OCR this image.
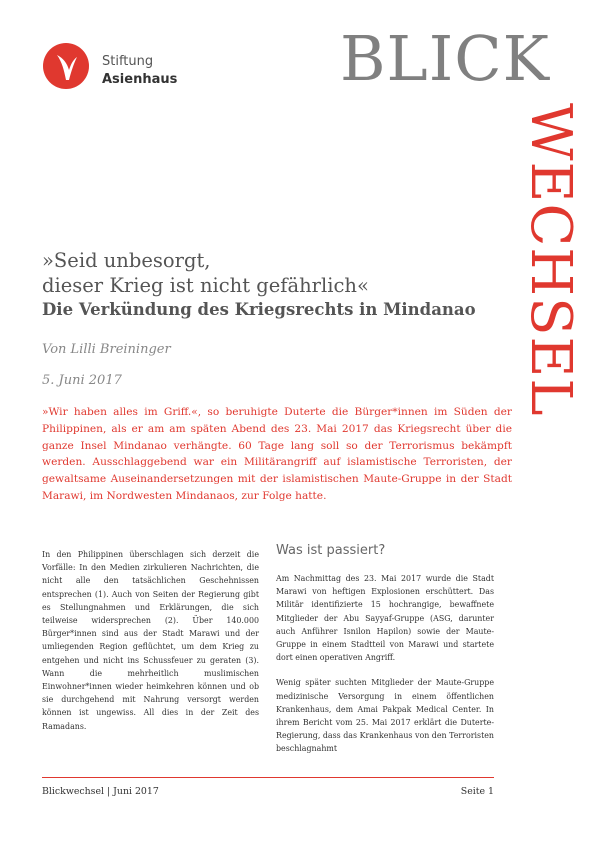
Stiftung
Asienhaus	BLICK
WECHSEL
»Seid unbesorgt,
dieser Krieg ist nicht gefährlich«
Die Verkündung des Kriegsrechts in Mindanao
Von Lilli Breininger
5. Juni 2017

»Wir haben alles im Griff.«, so beruhigte Duterte die Bürger*innen im Süden der Philippinen, als er am am späten Abend des 23. Mai 2017 das Kriegsrecht über die ganze Insel Mindanao verhängte. 60 Tage lang soll so der Terrorismus bekämpft werden. Ausschlaggebend war ein Militärangriff auf islamistische Terroristen, der gewaltsame Auseinandersetzungen mit der islamistischen Maute-Gruppe in der Stadt Marawi, im Nordwesten Mindanaos, zur Folge hatte.

In den Philippinen überschlagen sich derzeit die Vorfälle: In den Medien zirkulieren Nachrichten, die nicht alle den tatsächlichen Geschehnissen entsprechen (1). Auch von Seiten der Regierung gibt es Stellungnahmen und Erklärungen, die sich teilweise widersprechen (2). Über 140.000 Bürger*innen sind aus der Stadt Marawi und der umliegenden Region geflüchtet, um dem Krieg zu entgehen und nicht ins Schussfeuer zu geraten (3). Wann die mehrheitlich muslimischen Einwohner*innen wieder heimkehren können und ob sie durchgehend mit Nahrung versorgt werden können ist ungewiss. All dies in der Zeit des Ramadans.

Was ist passiert?

Am Nachmittag des 23. Mai 2017 wurde die Stadt Marawi von heftigen Explosionen erschüttert. Das Militär identifizierte 15 hochrangige, bewaffnete Mitglieder der Abu Sayyaf-Gruppe (ASG, darunter auch Anführer Isnilon Hapilon) sowie der Maute-Gruppe in einem Stadtteil von Marawi und startete dort einen operativen Angriff.

Wenig später suchten Mitglieder der Maute-Gruppe medizinische Versorgung in einem öffentlichen Krankenhaus, dem Amai Pakpak Medical Center. In ihrem Bericht vom 25. Mai 2017 erklärt die Duterte-Regierung, dass das Krankenhaus von den Terroristen beschlagnahmt

Blickwechsel | Juni 2017	Seite 1
